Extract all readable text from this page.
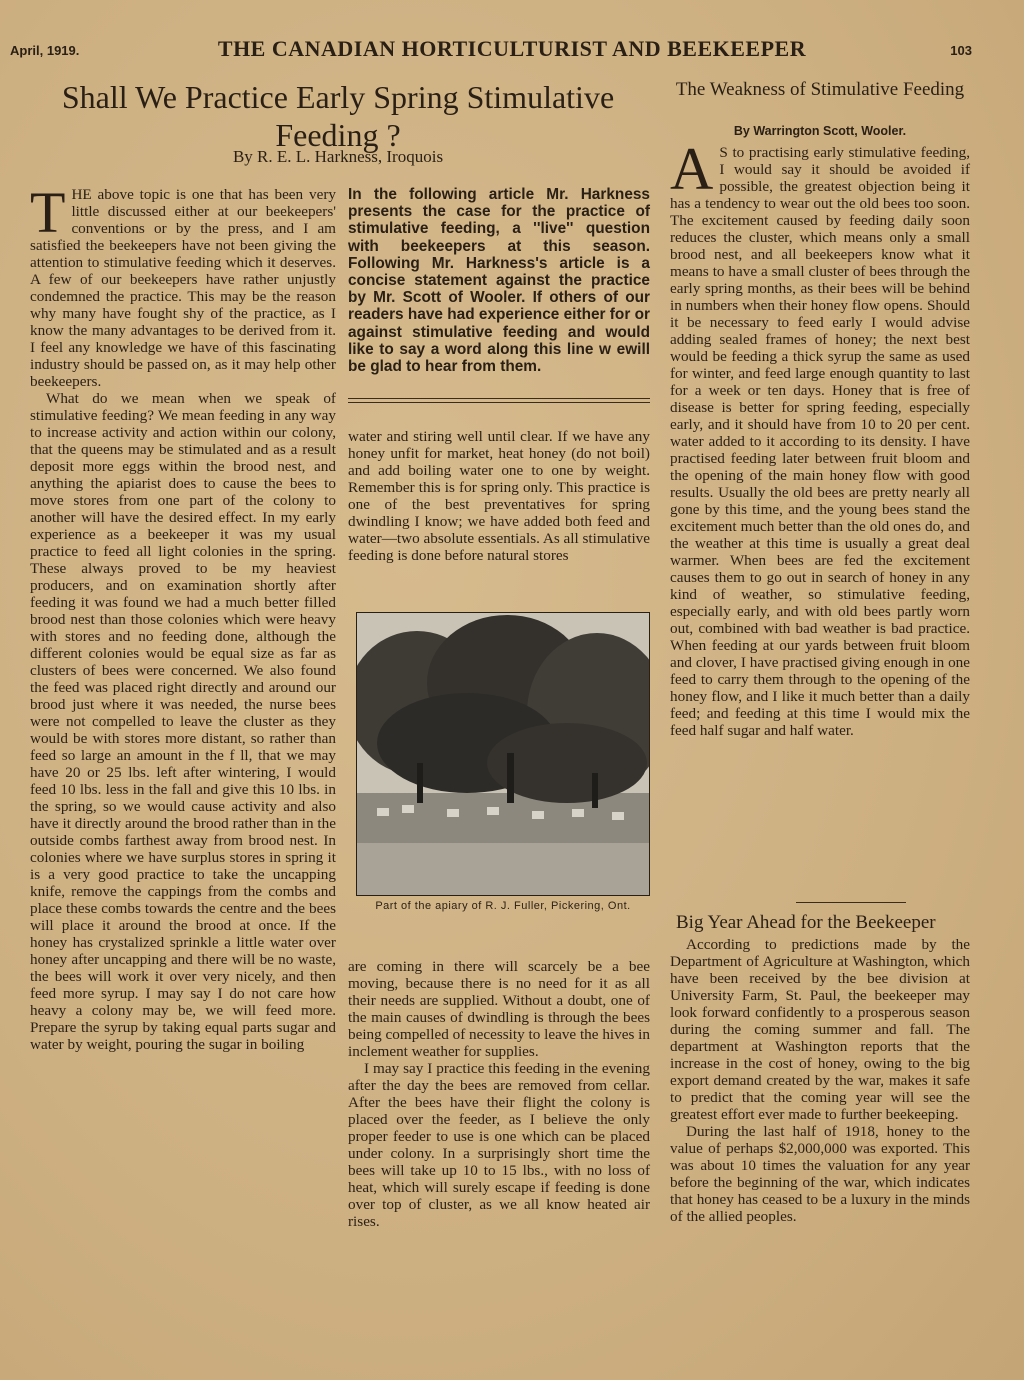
April, 1919.	THE CANADIAN HORTICULTURIST AND BEEKEEPER	103
Shall We Practice Early Spring Stimulative Feeding ?
By R. E. L. Harkness, Iroquois

THE above topic is one that has been very little discussed either at our beekeepers' conventions or by the press, and I am satisfied the beekeepers have not been giving the attention to stimulative feeding which it deserves. A few of our beekeepers have rather unjustly condemned the practice. This may be the reason why many have fought shy of the practice, as I know the many advantages to be derived from it. I feel any knowledge we have of this fascinating industry should be passed on, as it may help other beekeepers.

What do we mean when we speak of stimulative feeding? We mean feeding in any way to increase activity and action within our colony, that the queens may be stimulated and as a result deposit more eggs within the brood nest, and anything the apiarist does to cause the bees to move stores from one part of the colony to another will have the desired effect. In my early experience as a beekeeper it was my usual practice to feed all light colonies in the spring. These always proved to be my heaviest producers, and on examination shortly after feeding it was found we had a much better filled brood nest than those colonies which were heavy with stores and no feeding done, although the different colonies would be equal size as far as clusters of bees were concerned. We also found the feed was placed right directly and around our brood just where it was needed, the nurse bees were not compelled to leave the cluster as they would be with stores more distant, so rather than feed so large an amount in the f ll, that we may have 20 or 25 lbs. left after wintering, I would feed 10 lbs. less in the fall and give this 10 lbs. in the spring, so we would cause activity and also have it directly around the brood rather than in the outside combs farthest away from brood nest. In colonies where we have surplus stores in spring it is a very good practice to take the uncapping knife, remove the cappings from the combs and place these combs towards the centre and the bees will place it around the brood at once. If the honey has crystalized sprinkle a little water over honey after uncapping and there will be no waste, the bees will work it over very nicely, and then feed more syrup. I may say I do not care how heavy a colony may be, we will feed more. Prepare the syrup by taking equal parts sugar and water by weight, pouring the sugar in boiling

In the following article Mr. Harkness presents the case for the practice of stimulative feeding, a ''live'' question with beekeepers at this season. Following Mr. Harkness's article is a concise statement against the practice by Mr. Scott of Wooler. If others of our readers have had experience either for or against stimulative feeding and would like to say a word along this line w ewill be glad to hear from them.

water and stiring well until clear. If we have any honey unfit for market, heat honey (do not boil) and add boiling water one to one by weight. Remember this is for spring only. This practice is one of the best preventatives for spring dwindling I know; we have added both feed and water—two absolute essentials. As all stimulative feeding is done before natural stores

Part of the apiary of R. J. Fuller, Pickering, Ont.

are coming in there will scarcely be a bee moving, because there is no need for it as all their needs are supplied. Without a doubt, one of the main causes of dwindling is through the bees being compelled of necessity to leave the hives in inclement weather for supplies.

I may say I practice this feeding in the evening after the day the bees are removed from cellar. After the bees have their flight the colony is placed over the feeder, as I believe the only proper feeder to use is one which can be placed under colony. In a surprisingly short time the bees will take up 10 to 15 lbs., with no loss of heat, which will surely escape if feeding is done over top of cluster, as we all know heated air rises.

The Weakness of Stimulative Feeding
By Warrington Scott, Wooler.

A S to practising early stimulative feeding, I would say it should be avoided if possible, the greatest objection being it has a tendency to wear out the old bees too soon. The excitement caused by feeding daily soon reduces the cluster, which means only a small brood nest, and all beekeepers know what it means to have a small cluster of bees through the early spring months, as their bees will be behind in numbers when their honey flow opens. Should it be necessary to feed early I would advise adding sealed frames of honey; the next best would be feeding a thick syrup the same as used for winter, and feed large enough quantity to last for a week or ten days. Honey that is free of disease is better for spring feeding, especially early, and it should have from 10 to 20 per cent. water added to it according to its density. I have practised feeding later between fruit bloom and the opening of the main honey flow with good results. Usually the old bees are pretty nearly all gone by this time, and the young bees stand the excitement much better than the old ones do, and the weather at this time is usually a great deal warmer. When bees are fed the excitement causes them to go out in search of honey in any kind of weather, so stimulative feeding, especially early, and with old bees partly worn out, combined with bad weather is bad practice. When feeding at our yards between fruit bloom and clover, I have practised giving enough in one feed to carry them through to the opening of the honey flow, and I like it much better than a daily feed; and feeding at this time I would mix the feed half sugar and half water.

Big Year Ahead for the Beekeeper

According to predictions made by the Department of Agriculture at Washington, which have been received by the bee division at University Farm, St. Paul, the beekeeper may look forward confidently to a prosperous season during the coming summer and fall. The department at Washington reports that the increase in the cost of honey, owing to the big export demand created by the war, makes it safe to predict that the coming year will see the greatest effort ever made to further beekeeping.

During the last half of 1918, honey to the value of perhaps $2,000,000 was exported. This was about 10 times the valuation for any year before the beginning of the war, which indicates that honey has ceased to be a luxury in the minds of the allied peoples.
